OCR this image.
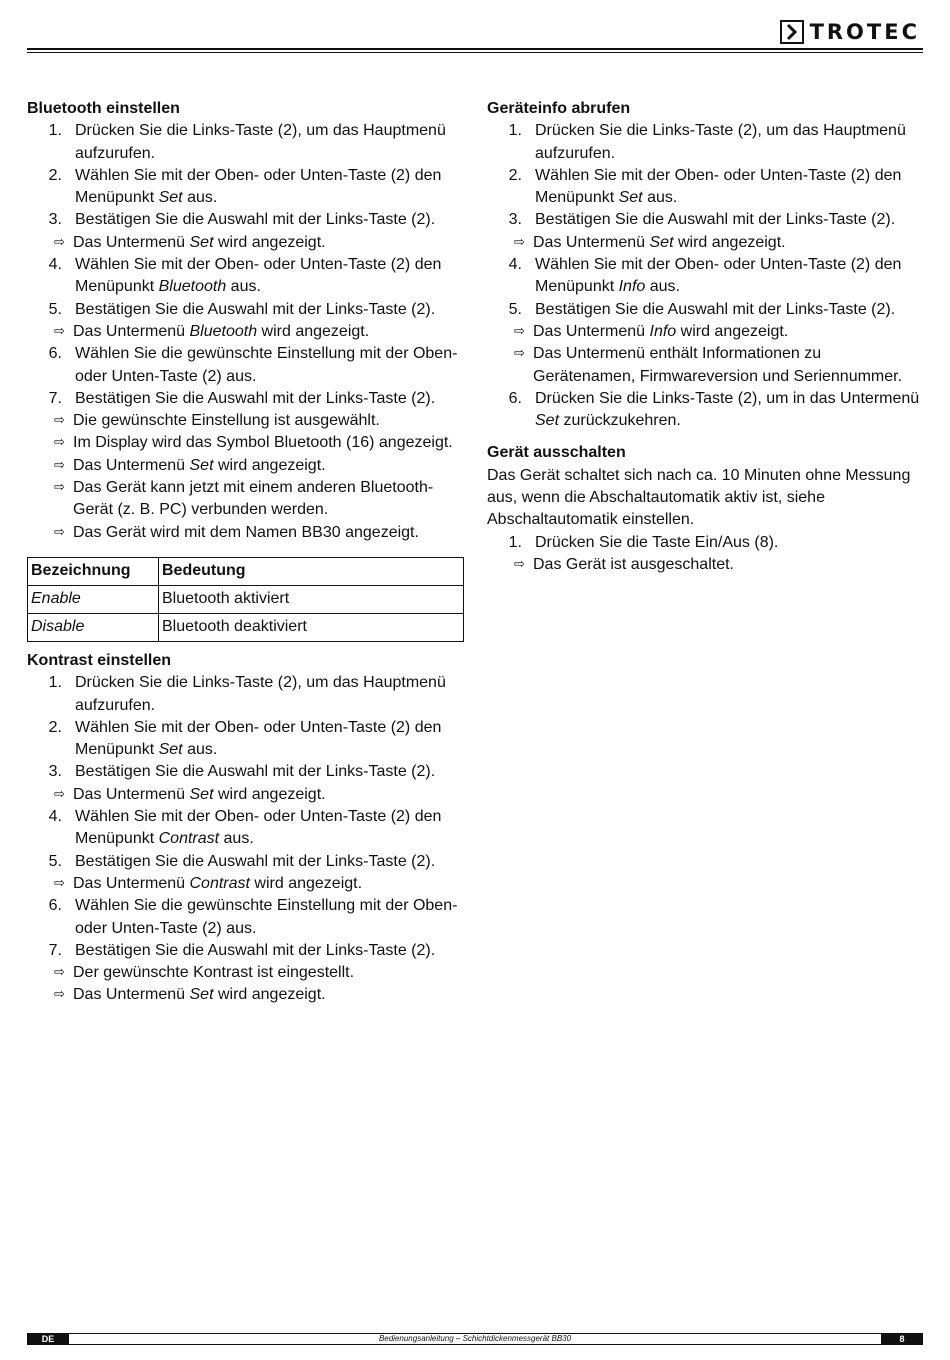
TROTEC
Bluetooth einstellen
1. Drücken Sie die Links-Taste (2), um das Hauptmenü aufzurufen.
2. Wählen Sie mit der Oben- oder Unten-Taste (2) den Menüpunkt Set aus.
3. Bestätigen Sie die Auswahl mit der Links-Taste (2).
⇨ Das Untermenü Set wird angezeigt.
4. Wählen Sie mit der Oben- oder Unten-Taste (2) den Menüpunkt Bluetooth aus.
5. Bestätigen Sie die Auswahl mit der Links-Taste (2).
⇨ Das Untermenü Bluetooth wird angezeigt.
6. Wählen Sie die gewünschte Einstellung mit der Oben- oder Unten-Taste (2) aus.
7. Bestätigen Sie die Auswahl mit der Links-Taste (2).
⇨ Die gewünschte Einstellung ist ausgewählt.
⇨ Im Display wird das Symbol Bluetooth (16) angezeigt.
⇨ Das Untermenü Set wird angezeigt.
⇨ Das Gerät kann jetzt mit einem anderen Bluetooth-Gerät (z. B. PC) verbunden werden.
⇨ Das Gerät wird mit dem Namen BB30 angezeigt.
Bezeichnung	Bedeutung
Enable	Bluetooth aktiviert
Disable	Bluetooth deaktiviert
Kontrast einstellen
1. Drücken Sie die Links-Taste (2), um das Hauptmenü aufzurufen.
2. Wählen Sie mit der Oben- oder Unten-Taste (2) den Menüpunkt Set aus.
3. Bestätigen Sie die Auswahl mit der Links-Taste (2).
⇨ Das Untermenü Set wird angezeigt.
4. Wählen Sie mit der Oben- oder Unten-Taste (2) den Menüpunkt Contrast aus.
5. Bestätigen Sie die Auswahl mit der Links-Taste (2).
⇨ Das Untermenü Contrast wird angezeigt.
6. Wählen Sie die gewünschte Einstellung mit der Oben- oder Unten-Taste (2) aus.
7. Bestätigen Sie die Auswahl mit der Links-Taste (2).
⇨ Der gewünschte Kontrast ist eingestellt.
⇨ Das Untermenü Set wird angezeigt.
Geräteinfo abrufen
1. Drücken Sie die Links-Taste (2), um das Hauptmenü aufzurufen.
2. Wählen Sie mit der Oben- oder Unten-Taste (2) den Menüpunkt Set aus.
3. Bestätigen Sie die Auswahl mit der Links-Taste (2).
⇨ Das Untermenü Set wird angezeigt.
4. Wählen Sie mit der Oben- oder Unten-Taste (2) den Menüpunkt Info aus.
5. Bestätigen Sie die Auswahl mit der Links-Taste (2).
⇨ Das Untermenü Info wird angezeigt.
⇨ Das Untermenü enthält Informationen zu Gerätenamen, Firmwareversion und Seriennummer.
6. Drücken Sie die Links-Taste (2), um in das Untermenü Set zurückzukehren.
Gerät ausschalten

Das Gerät schaltet sich nach ca. 10 Minuten ohne Messung aus, wenn die Abschaltautomatik aktiv ist, siehe Abschaltautomatik einstellen.

1. Drücken Sie die Taste Ein/Aus (8).
⇨ Das Gerät ist ausgeschaltet.
DE	Bedienungsanleitung – Schichtdickenmessgerät BB30	8
